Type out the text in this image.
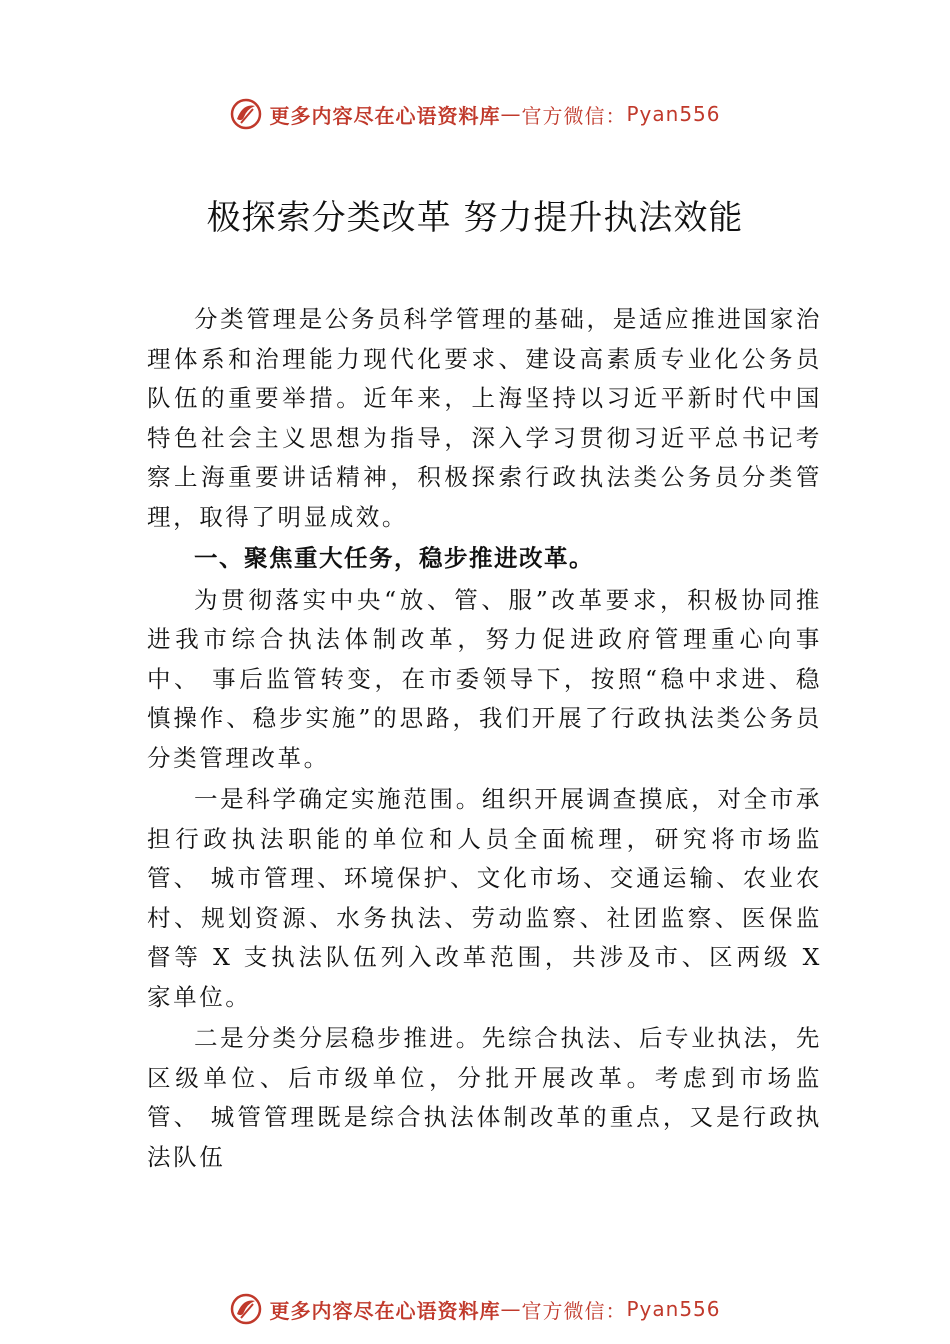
更多内容尽在心语资料库 — 官方微信： Pyan556
极探索分类改革 努力提升执法效能

分类管理是公务员科学管理的基础，是适应推进国家治理体系和治理能力现代化要求、建设高素质专业化公务员队伍的重要举措。近年来，上海坚持以习近平新时代中国特色社会主义思想为指导，深入学习贯彻习近平总书记考察上海重要讲话精神，积极探索行政执法类公务员分类管理，取得了明显成效。

一、聚焦重大任务，稳步推进改革。

为贯彻落实中央“放、管、服”改革要求，积极协同推进我市综合执法体制改革，努力促进政府管理重心向事中、 事后监管转变，在市委领导下，按照“稳中求进、稳慎操作、稳步实施”的思路，我们开展了行政执法类公务员分类管理改革。

一是科学确定实施范围。组织开展调查摸底，对全市承担行政执法职能的单位和人员全面梳理，研究将市场监管、 城市管理、环境保护、文化市场、交通运输、农业农村、规划资源、水务执法、劳动监察、社团监察、医保监督等 X 支执法队伍列入改革范围，共涉及市、区两级 X 家单位。

二是分类分层稳步推进。先综合执法、后专业执法，先区级单位、后市级单位，分批开展改革。考虑到市场监管、 城管管理既是综合执法体制改革的重点，又是行政执法队伍

更多内容尽在心语资料库 — 官方微信： Pyan556
